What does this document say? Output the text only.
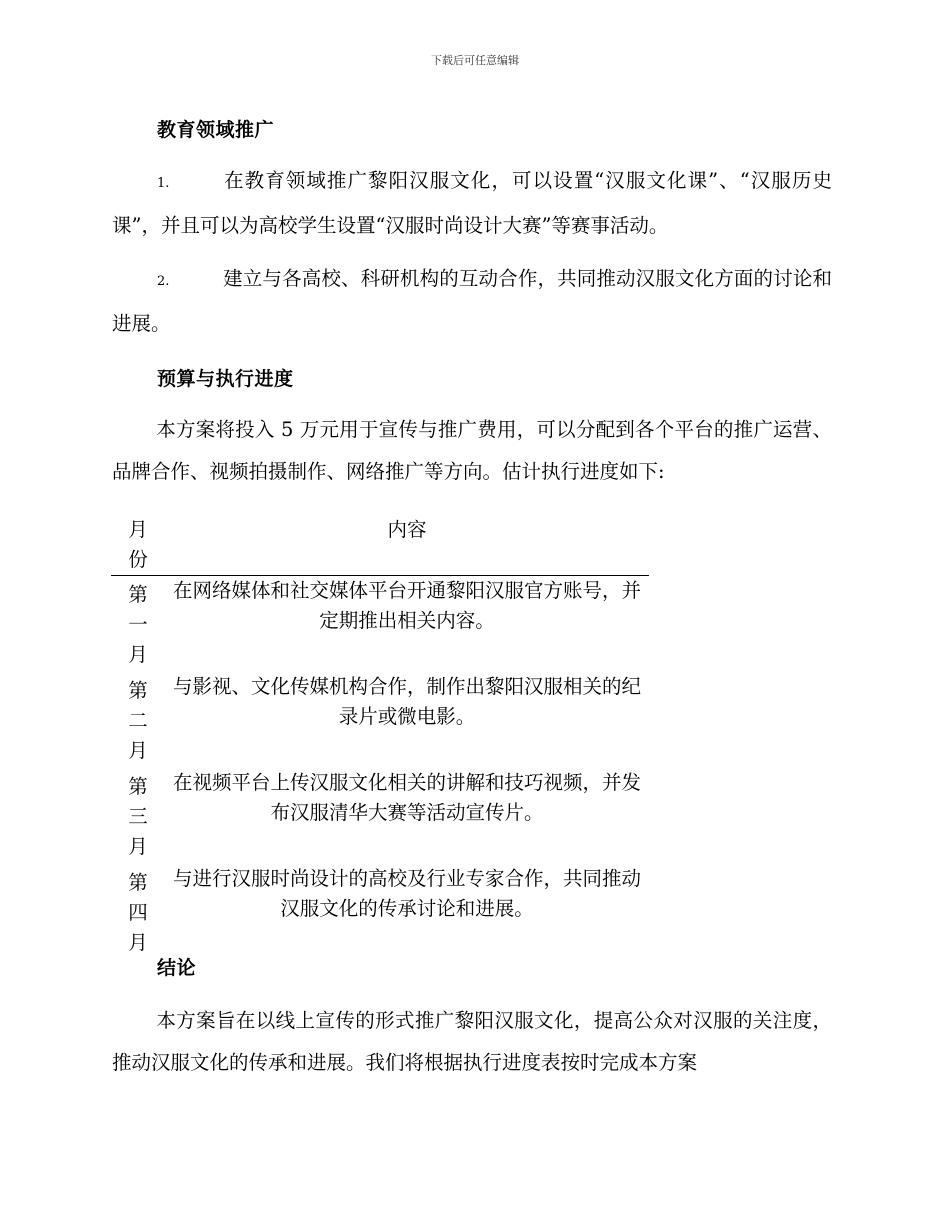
下载后可任意编辑
教育领域推广
1.	在教育领域推广黎阳汉服文化，可以设置“汉服文化课”、“汉服历史课”，并且可以为高校学生设置“汉服时尚设计大赛”等赛事活动。
2.	建立与各高校、科研机构的互动合作，共同推动汉服文化方面的讨论和进展。
预算与执行进度
本方案将投入 5 万元用于宣传与推广费用，可以分配到各个平台的推广运营、品牌合作、视频拍摄制作、网络推广等方向。估计执行进度如下:
月份	内容

第一月	在网络媒体和社交媒体平台开通黎阳汉服官方账号，并定期推出相关内容。

第二月	与影视、文化传媒机构合作，制作出黎阳汉服相关的纪录片或微电影。

第三月	在视频平台上传汉服文化相关的讲解和技巧视频，并发布汉服清华大赛等活动宣传片。

第四月	与进行汉服时尚设计的高校及行业专家合作，共同推动汉服文化的传承讨论和进展。
结论
本方案旨在以线上宣传的形式推广黎阳汉服文化，提高公众对汉服的关注度，推动汉服文化的传承和进展。我们将根据执行进度表按时完成本方案
